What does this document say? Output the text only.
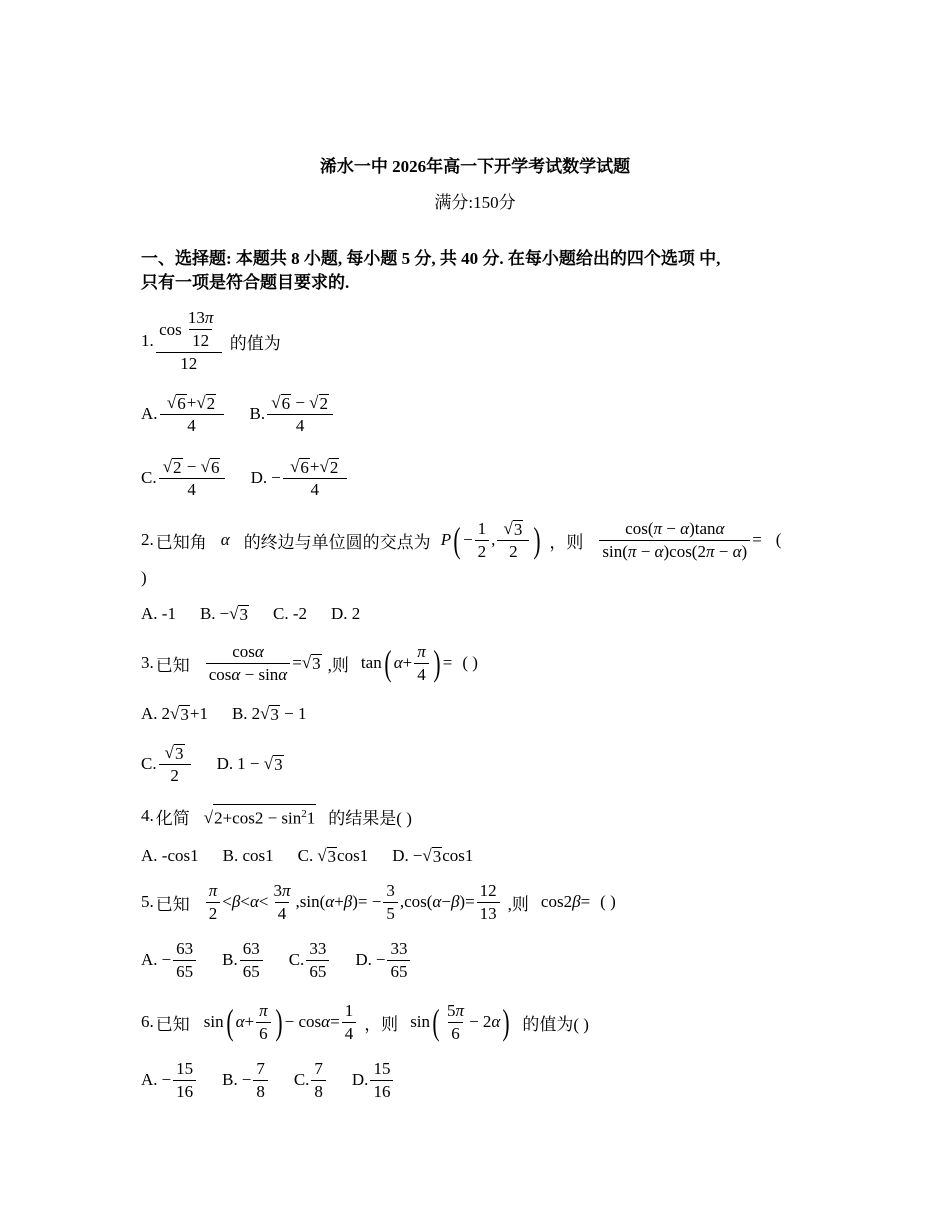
浠水一中 2026年高一下开学考试数学试题
满分:150分
一、选择题: 本题共 8 小题, 每小题 5 分, 共 40 分. 在每小题给出的四个选项 中,
只有一项是符合题目要求的.
1. $\frac{\cos \frac{13\pi}{12}}{12}$ 的值为
A. $\frac{√ 6 + √ 2}{4} B$. $\frac{√ 6 - √ 2}{4}$
C. $\frac{√ 2 - √ 6}{4} D$. − $\frac{√ 6 + √ 2}{4}$
2. 已知角 α 的终边与单位圆的交点为 P ( − $\frac{1}{2}$ , $\frac{√ 3}{2}$ ) ，则 $\frac{\cos(\pi - \alpha)\tan\alpha}{\sin(\pi - \alpha)\cos(2\pi - \alpha)}$ = (
)
A. -1 B. − √ 3 C. -2 D. 2
3. 已知 $\frac{\cos\alpha}{\cos\alpha - \sin\alpha}$ = √ 3 ,则 tan ( $\alpha + \frac{\pi}{4}$ ) = ( )
A. 2 √ 3 +1 B. 2 √ 3 − 1
C. $\frac{√ 3}{2} D$. 1 − √ 3
4. 化简 √ $2+\cos 2 - \sin^21$ 的结果是( )
A. -cos1 B. cos1 C. √ 3 cos1 D. − √ 3 cos1
5. 已知 $\frac{\pi}{2} < \beta < \alpha < \frac{3\pi}{4} ,\sin$( α + β )= − $\frac{3}{5} ,\cos$( α − β )= $\frac{12}{13}$ ,则 cos2β= ( )
A. − $\frac{63}{65} B$. $\frac{63}{65} C$. $\frac{33}{65} D$. − $\frac{33}{65}$
6. 已知 sin ( $\alpha + \frac{\pi}{6}$ ) − $\cos\alpha= \frac{1}{4}$ ，则 sin ( $\frac{5\pi}{6} - 2$ α ) 的值为( )
A. − $\frac{15}{16} B$. − $\frac{7}{8} C$. $\frac{7}{8} D$. $\frac{15}{16}$
